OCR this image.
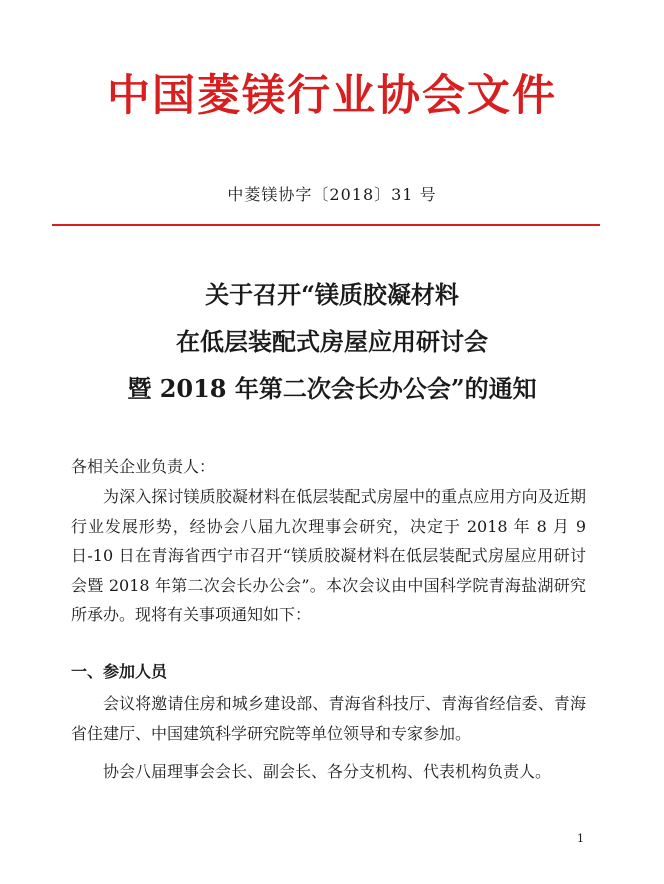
中国菱镁行业协会文件
中菱镁协字〔2018〕31 号
关于召开“镁质胶凝材料
在低层装配式房屋应用研讨会
暨 2018 年第二次会长办公会”的通知
各相关企业负责人：
为深入探讨镁质胶凝材料在低层装配式房屋中的重点应用方向及近期行业发展形势，经协会八届九次理事会研究，决定于 2018 年 8 月 9 日-10 日在青海省西宁市召开“镁质胶凝材料在低层装配式房屋应用研讨会暨 2018 年第二次会长办公会”。本次会议由中国科学院青海盐湖研究所承办。现将有关事项通知如下：
一、参加人员
会议将邀请住房和城乡建设部、青海省科技厅、青海省经信委、青海省住建厅、中国建筑科学研究院等单位领导和专家参加。
协会八届理事会会长、副会长、各分支机构、代表机构负责人。
1
